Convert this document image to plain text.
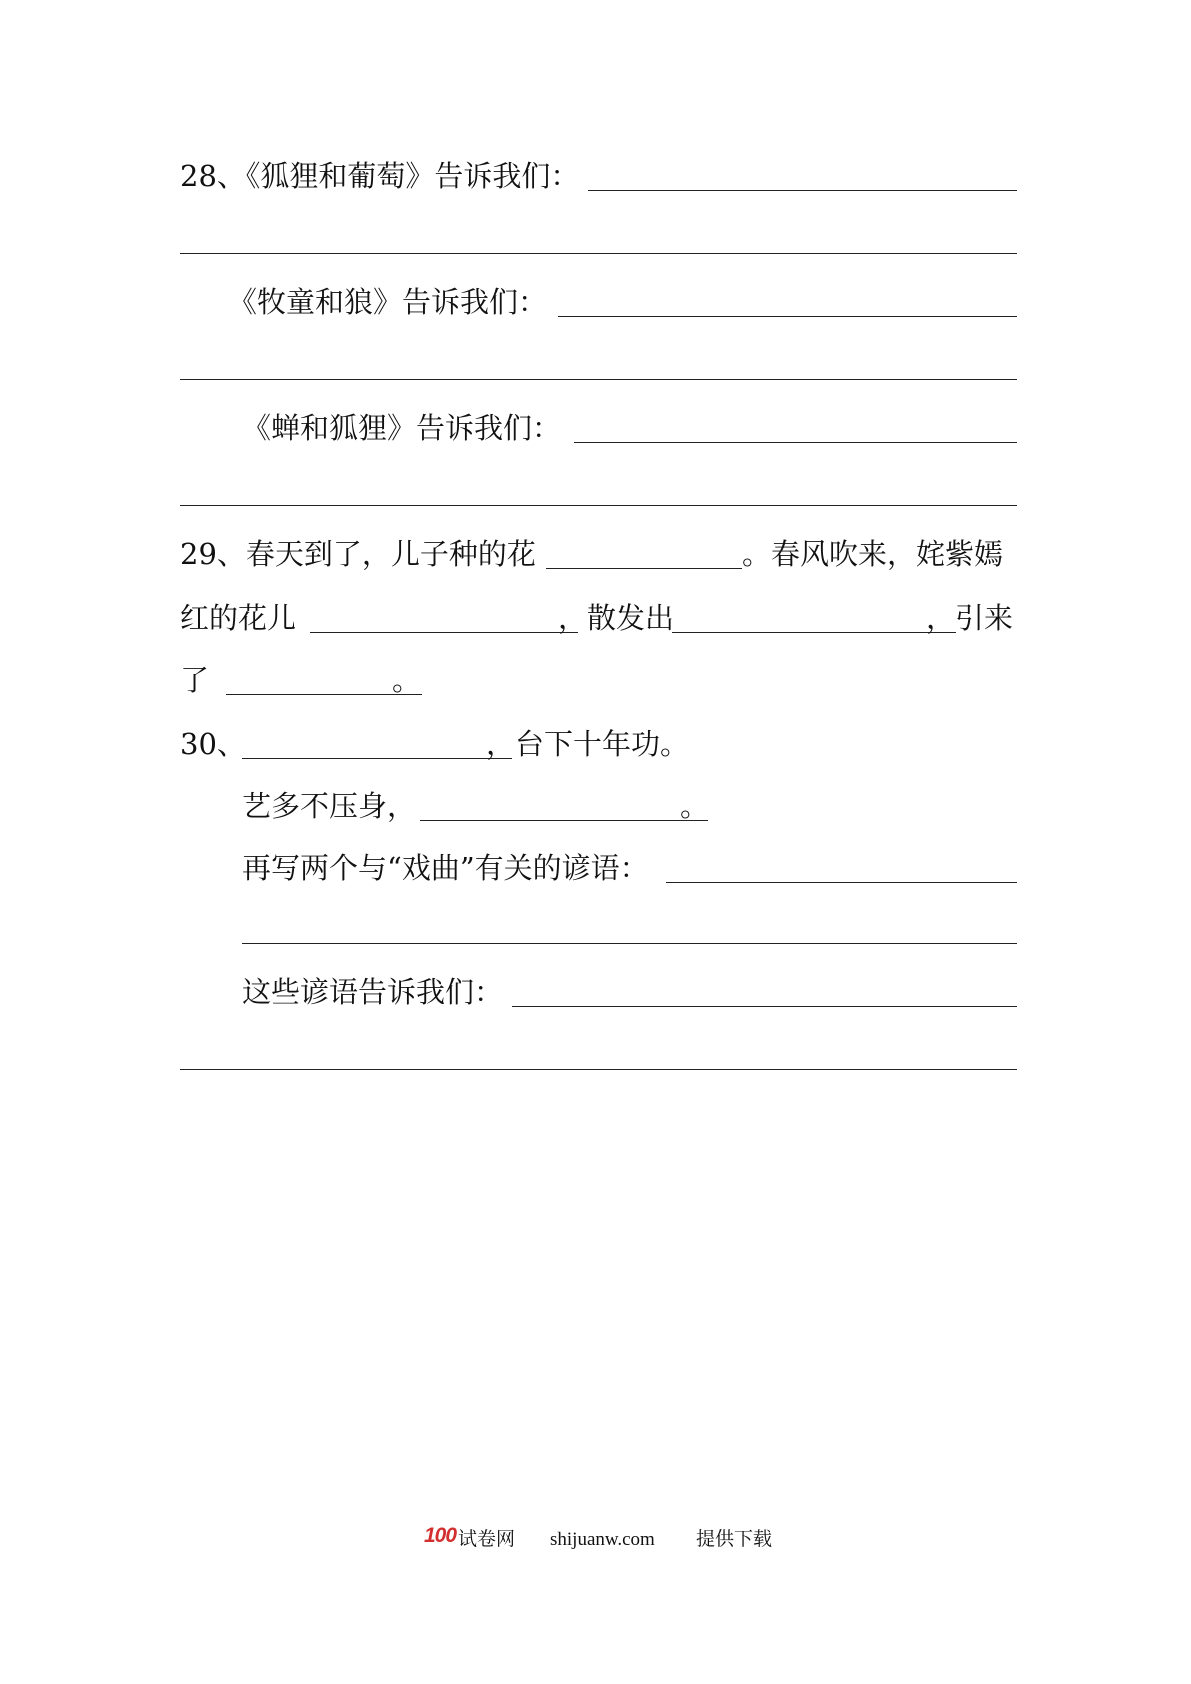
28、《狐狸和葡萄》告诉我们：
《牧童和狼》告诉我们：
《蝉和狐狸》告诉我们：
29、春天到了，儿子种的花	。春风吹来，姹紫嫣
红的花儿	，散发出	，引来
了	。
30、	，台下十年功。
艺多不压身，	。
再写两个与“戏曲”有关的谚语：
这些谚语告诉我们：
100 试卷网 shijuanw.com 提供下载
